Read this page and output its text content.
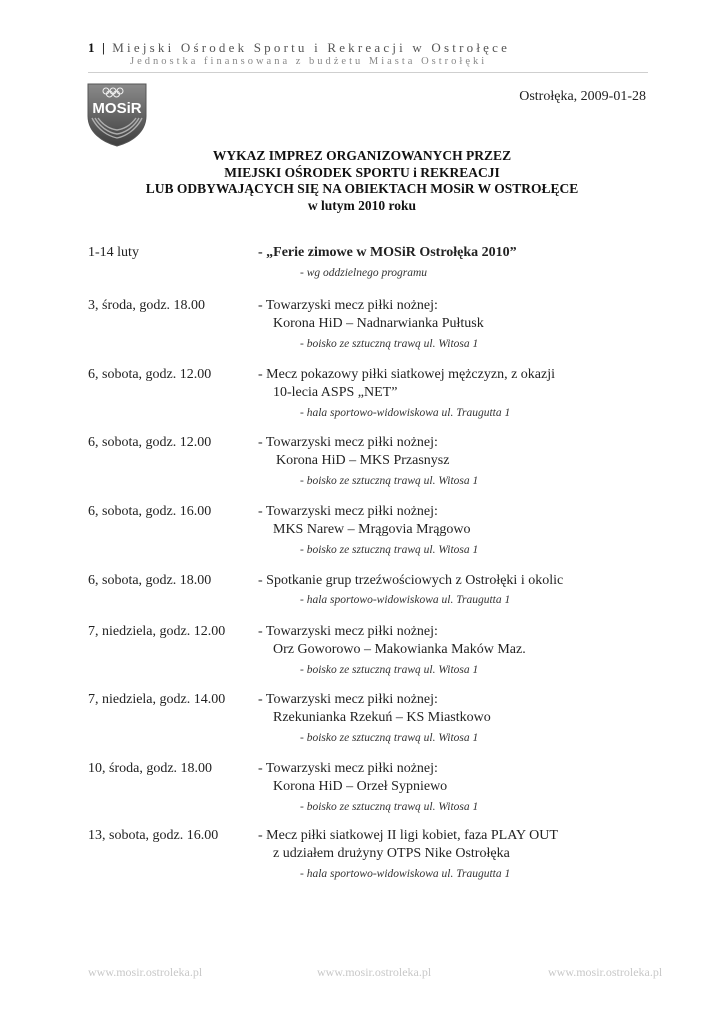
1 | Miejski Ośrodek Sportu i Rekreacji w Ostrołęce
Jednostka finansowana z budżetu Miasta Ostrołęki
MOSiR
Ostrołęka, 2009-01-28
WYKAZ IMPREZ ORGANIZOWANYCH PRZEZ
MIEJSKI OŚRODEK SPORTU i REKREACJI
LUB ODBYWAJĄCYCH SIĘ NA OBIEKTACH MOSiR W OSTROŁĘCE
w lutym 2010 roku
1-14 luty	- „Ferie zimowe w MOSiR Ostrołęka 2010”
- wg oddzielnego programu
3, środa, godz. 18.00	- Towarzyski mecz piłki nożnej:
Korona HiD – Nadnarwianka Pułtusk
- boisko ze sztuczną trawą ul. Witosa 1
6, sobota, godz. 12.00	- Mecz pokazowy piłki siatkowej mężczyzn, z okazji
10-lecia ASPS „NET”
- hala sportowo-widowiskowa ul. Traugutta 1
6, sobota, godz. 12.00	- Towarzyski mecz piłki nożnej:
Korona HiD – MKS Przasnysz
- boisko ze sztuczną trawą ul. Witosa 1
6, sobota, godz. 16.00	- Towarzyski mecz piłki nożnej:
MKS Narew – Mrągovia Mrągowo
- boisko ze sztuczną trawą ul. Witosa 1
6, sobota, godz. 18.00	- Spotkanie grup trzeźwościowych z Ostrołęki i okolic
- hala sportowo-widowiskowa ul. Traugutta 1
7, niedziela, godz. 12.00 - Towarzyski mecz piłki nożnej:
Orz Goworowo – Makowianka Maków Maz.
- boisko ze sztuczną trawą ul. Witosa 1
7, niedziela, godz. 14.00 - Towarzyski mecz piłki nożnej:
Rzekunianka Rzekuń – KS Miastkowo
- boisko ze sztuczną trawą ul. Witosa 1
10, środa, godz. 18.00	- Towarzyski mecz piłki nożnej:
Korona HiD – Orzeł Sypniewo
- boisko ze sztuczną trawą ul. Witosa 1
13, sobota, godz. 16.00	- Mecz piłki siatkowej II ligi kobiet, faza PLAY OUT
z udziałem drużyny OTPS Nike Ostrołęka
- hala sportowo-widowiskowa ul. Traugutta 1
www.mosir.ostroleka.pl	www.mosir.ostroleka.pl	www.mosir.ostroleka.pl
